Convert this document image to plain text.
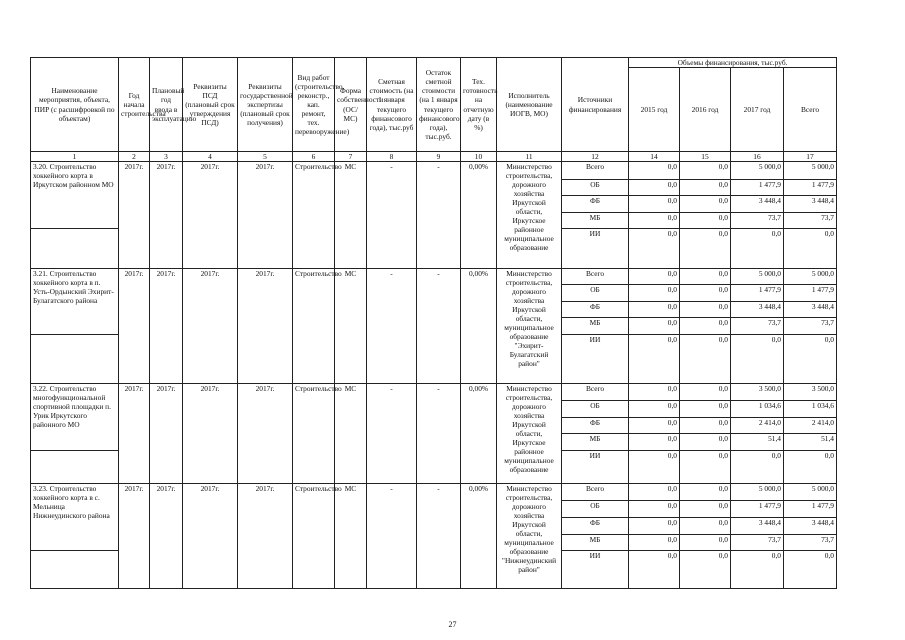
Наименование мероприятия, объекта, ПИР (с расшифровкой по объектам)	Год начала строительства	Плановый год ввода в эксплуатацию	Реквизиты ПСД (плановый срок утверждения ПСД)	Реквизиты государственной экспертизы (плановый срок получения)	Вид работ (строительство, реконстр., кап. ремонт, тех. перевооружение)	Форма собственности (ОС/МС)	Сметная стоимость (на 1 января текущего финансового года), тыс.руб	Остаток сметной стоимости (на 1 января текущего финансового года), тыс.руб.	Тех. готовность на отчетную дату (в %)	Исполнитель (наименование ИОГВ, МО)	Источники финансирования	Объемы финансирования, тыс.руб.			
												2015 год	2016 год	2017 год	Всего
1	2	3	4	5	6	7	8	9	10	11	12	14	15	16	17
3.20. Строительство хоккейного корта в Иркутском районном МО	2017г.	2017г.	2017г.	2017г.	Строительство	МС	-	-	0,00%	Министерство строительства, дорожного хозяйства Иркутской области, Иркутское районное муниципальное образование	Всего	0,0	0,0	5 000,0	5 000,0
											ОБ	0,0	0,0	1 477,9	1 477,9
											ФБ	0,0	0,0	3 448,4	3 448,4
											МБ	0,0	0,0	73,7	73,7
											ИИ	0,0	0,0	0,0	0,0
3.21. Строительство хоккейного корта в п. Усть-Ордынский Эхирит-Булагатского района	2017г.	2017г.	2017г.	2017г.	Строительство	МС	-	-	0,00%	Министерство строительства, дорожного хозяйства Иркутской области, муниципальное образование "Эхирит-Булагатский район"	Всего	0,0	0,0	5 000,0	5 000,0
											ОБ	0,0	0,0	1 477,9	1 477,9
											ФБ	0,0	0,0	3 448,4	3 448,4
											МБ	0,0	0,0	73,7	73,7
											ИИ	0,0	0,0	0,0	0,0
3.22. Строительство многофункциональной спортивной площадки п. Урик Иркутского районного МО	2017г.	2017г.	2017г.	2017г.	Строительство	МС	-	-	0,00%	Министерство строительства, дорожного хозяйства Иркутской области, Иркутское районное муниципальное образование	Всего	0,0	0,0	3 500,0	3 500,0
											ОБ	0,0	0,0	1 034,6	1 034,6
											ФБ	0,0	0,0	2 414,0	2 414,0
											МБ	0,0	0,0	51,4	51,4
											ИИ	0,0	0,0	0,0	0,0
3.23. Строительство хоккейного корта в с. Мельница Нижнеудинского района	2017г.	2017г.	2017г.	2017г.	Строительство	МС	-	-	0,00%	Министерство строительства, дорожного хозяйства Иркутской области, муниципальное образование "Нижнеудинский район"	Всего	0,0	0,0	5 000,0	5 000,0
											ОБ	0,0	0,0	1 477,9	1 477,9
											ФБ	0,0	0,0	3 448,4	3 448,4
											МБ	0,0	0,0	73,7	73,7
											ИИ	0,0	0,0	0,0	0,0
27
